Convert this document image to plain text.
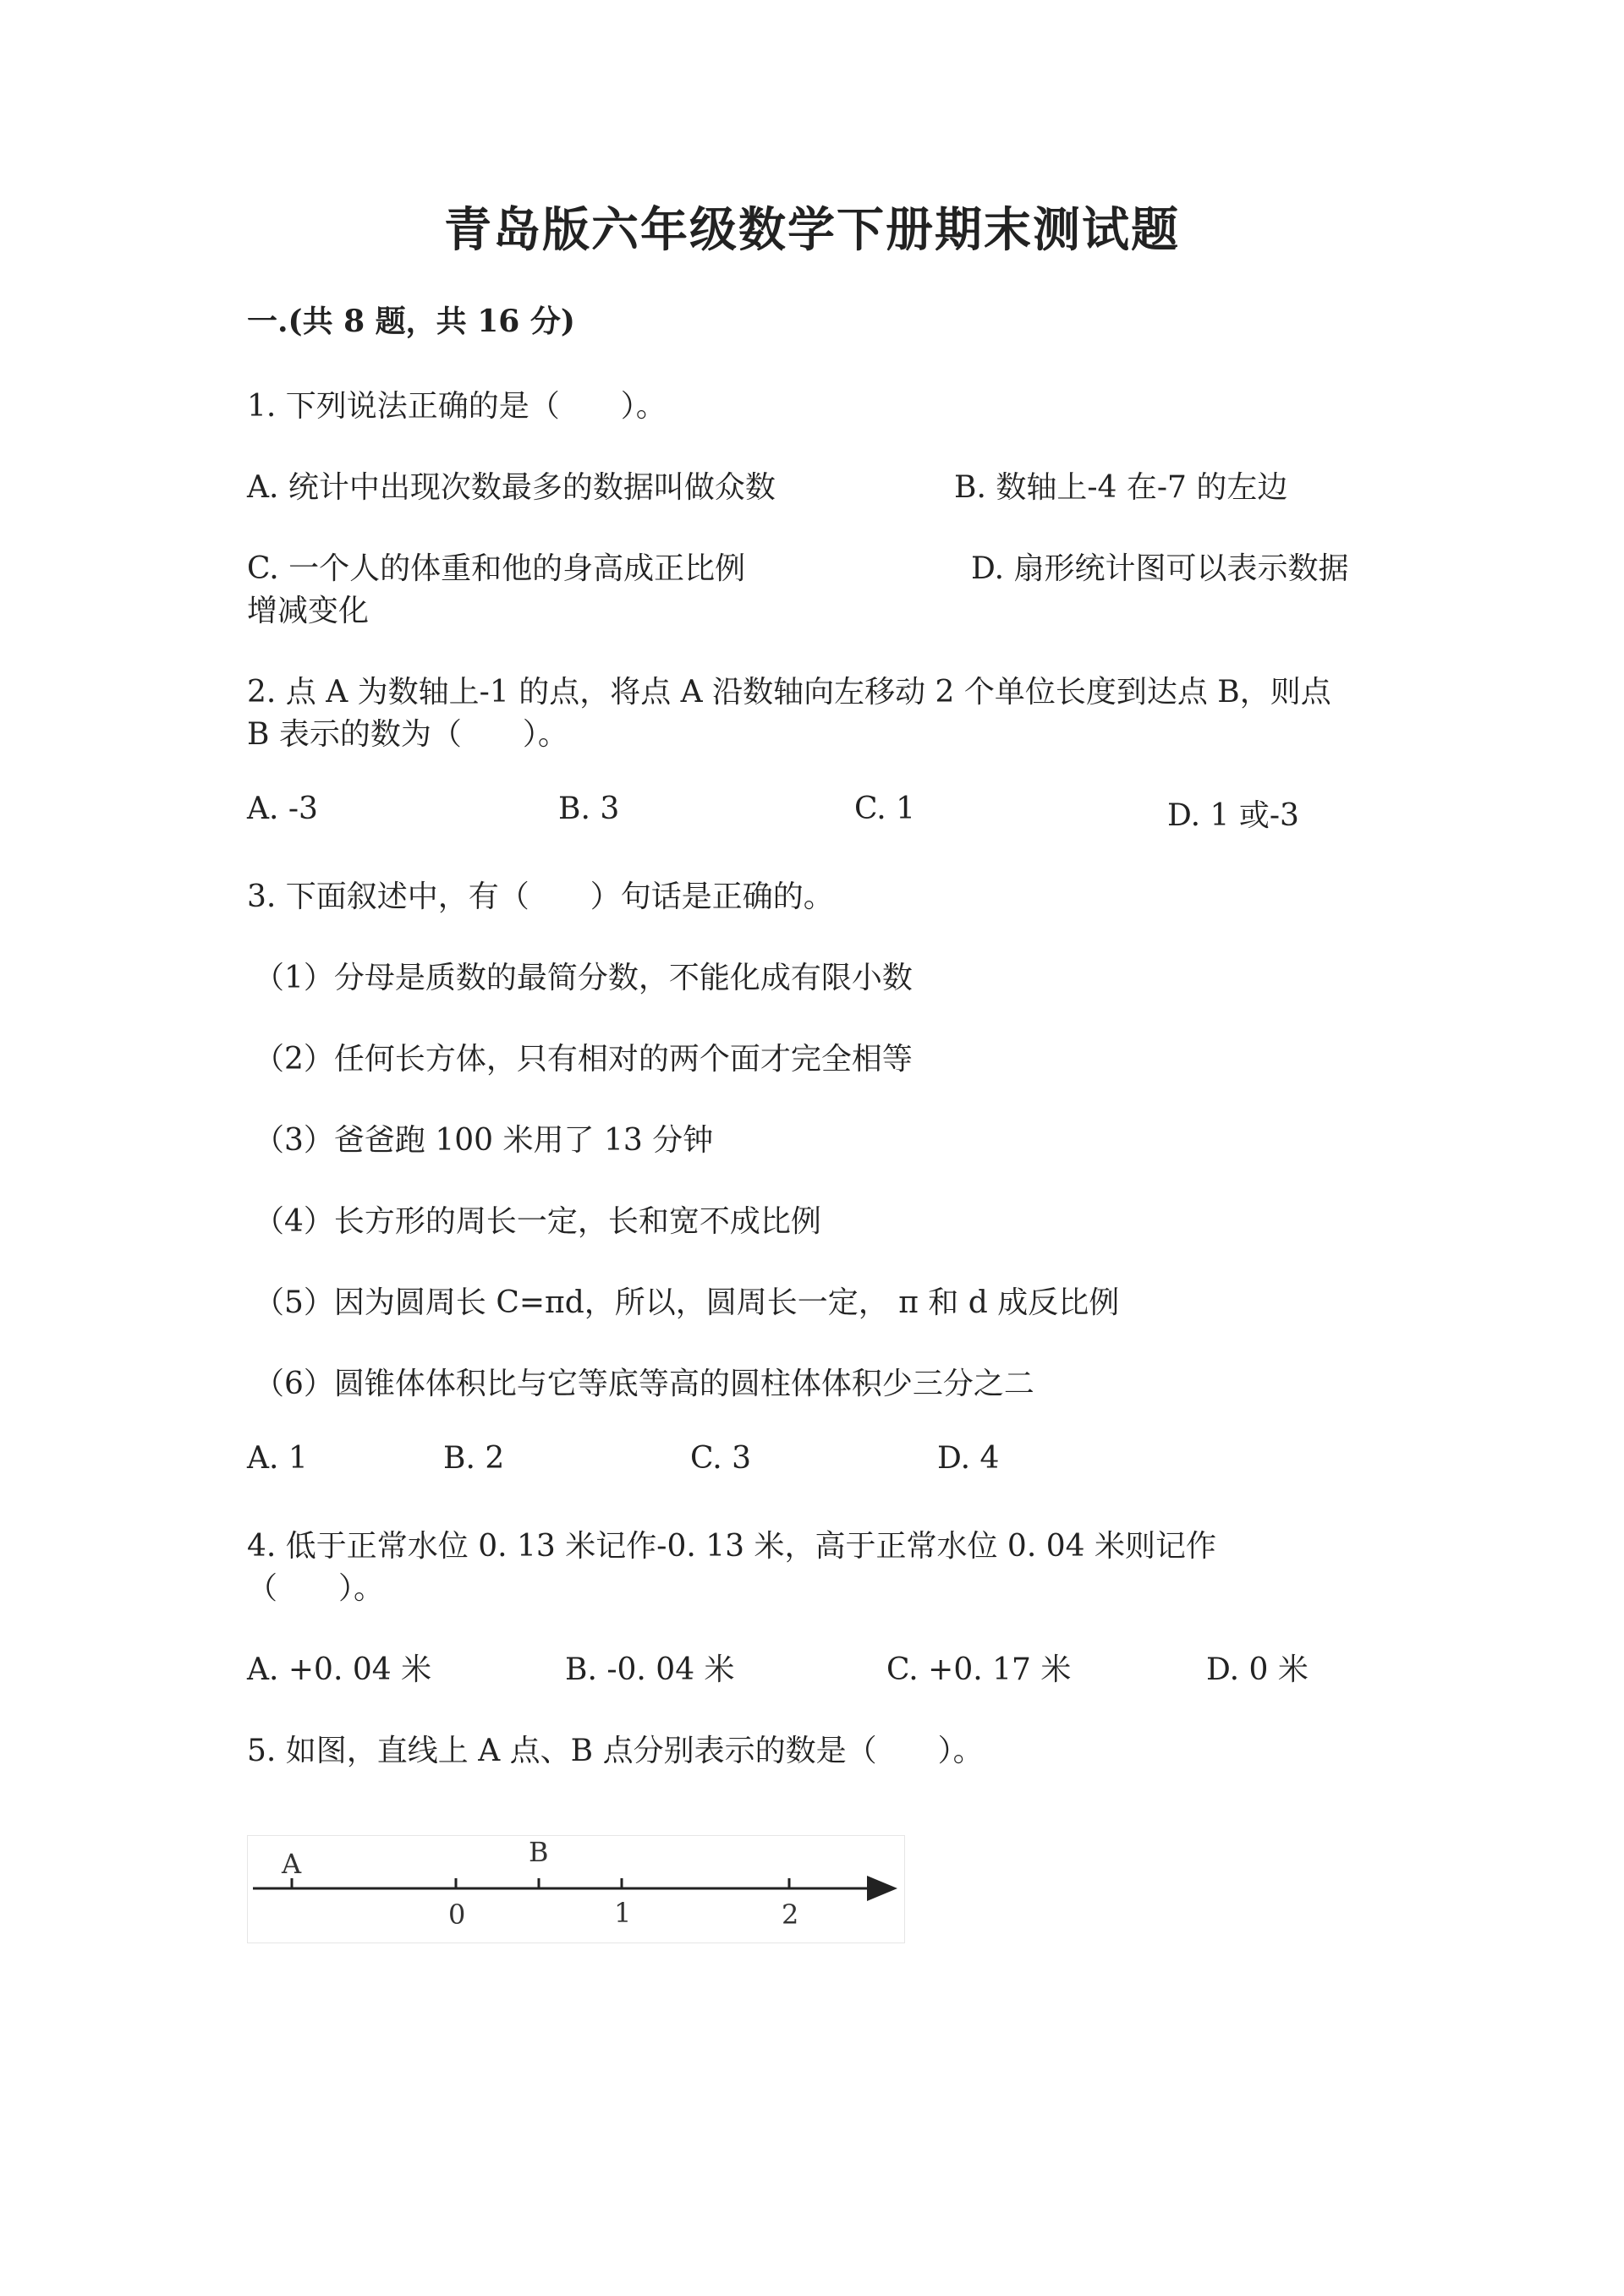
青岛版六年级数学下册期末测试题
一.(共 8 题，共 16 分)
1. 下列说法正确的是（　　）。
A. 统计中出现次数最多的数据叫做众数	B. 数轴上-4 在-7 的左边
C. 一个人的体重和他的身高成正比例	D. 扇形统计图可以表示数据
增减变化
2. 点 A 为数轴上-1 的点，将点 A 沿数轴向左移动 2 个单位长度到达点 B，则点
B 表示的数为（　　）。
A. -3	B. 3	C. 1	D. 1 或-3
3. 下面叙述中，有（　　）句话是正确的。
（1）分母是质数的最简分数，不能化成有限小数
（2）任何长方体，只有相对的两个面才完全相等
（3）爸爸跑 100 米用了 13 分钟
（4）长方形的周长一定，长和宽不成比例
（5）因为圆周长 C=πd，所以，圆周长一定， π 和 d 成反比例
（6）圆锥体体积比与它等底等高的圆柱体体积少三分之二
A. 1	B. 2	C. 3	D. 4
4. 低于正常水位 0. 13 米记作-0. 13 米，高于正常水位 0. 04 米则记作
（　　）。
A. +0. 04 米	B. -0. 04 米	C. +0. 17 米	D. 0 米
5. 如图，直线上 A 点、B 点分别表示的数是（　　）。
A	B
0	1	2
